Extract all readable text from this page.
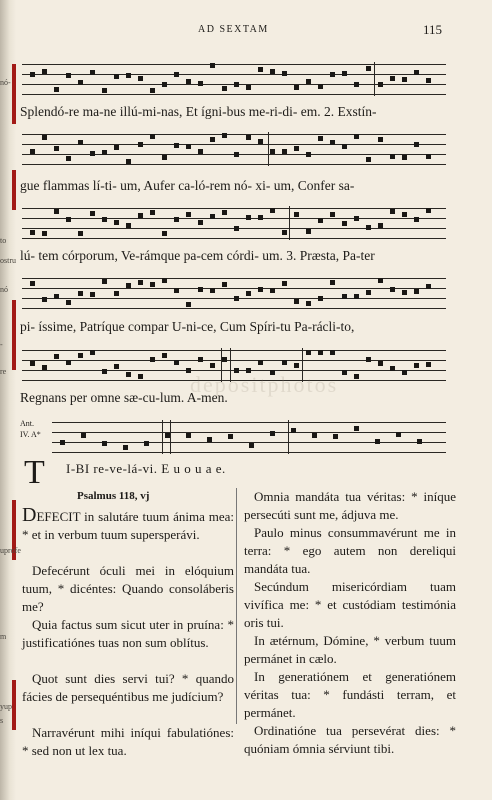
nó-
to
ostru
nó
-
re
uprofe
m
yup
s
AD SEXTAM	115
Splendó-re ma-ne illú-mi-nas, Et ígni-bus me-ri-di- em. 2. Exstín-
gue flammas lí-ti- um, Aufer ca-ló-rem nó- xi- um, Confer sa-
lú- tem córporum, Ve-rámque pa-cem córdi- um. 3. Præsta, Pa-ter
pi- íssime, Patríque compar U-ni-ce, Cum Spíri-tu Pa-rácli-to,
Regnans per omne sæ-cu-lum. A-men.
depositphotos
Ant.
IV. A*
T I-BI re-ve-lá-vi. E u o u a e.
Psalmus 118, vj
DEFECIT in salutáre tuum ánima mea: * et in verbum tuum supersperávi.
Defecérunt óculi mei in elóquium tuum, * dicéntes: Quando consoláberis me?
Quia factus sum sicut uter in pruína: * justificatiónes tuas non sum oblítus.
Quot sunt dies servi tui? * quando fácies de persequéntibus me judícium?
Narravérunt mihi iníqui fabulatiónes: * sed non ut lex tua.
Omnia mandáta tua véritas: * iníque persecúti sunt me, ádjuva me.
Paulo minus consummavérunt me in terra: * ego autem non dereliqui mandáta tua.
Secúndum misericórdiam tuam vivífica me: * et custódiam testimónia oris tui.
In ætérnum, Dómine, * verbum tuum permánet in cælo.
In generatiónem et generatiónem véritas tua: * fundásti terram, et permánet.
Ordinatióne tua persevérat dies: * quóniam ómnia sérviunt tibi.
